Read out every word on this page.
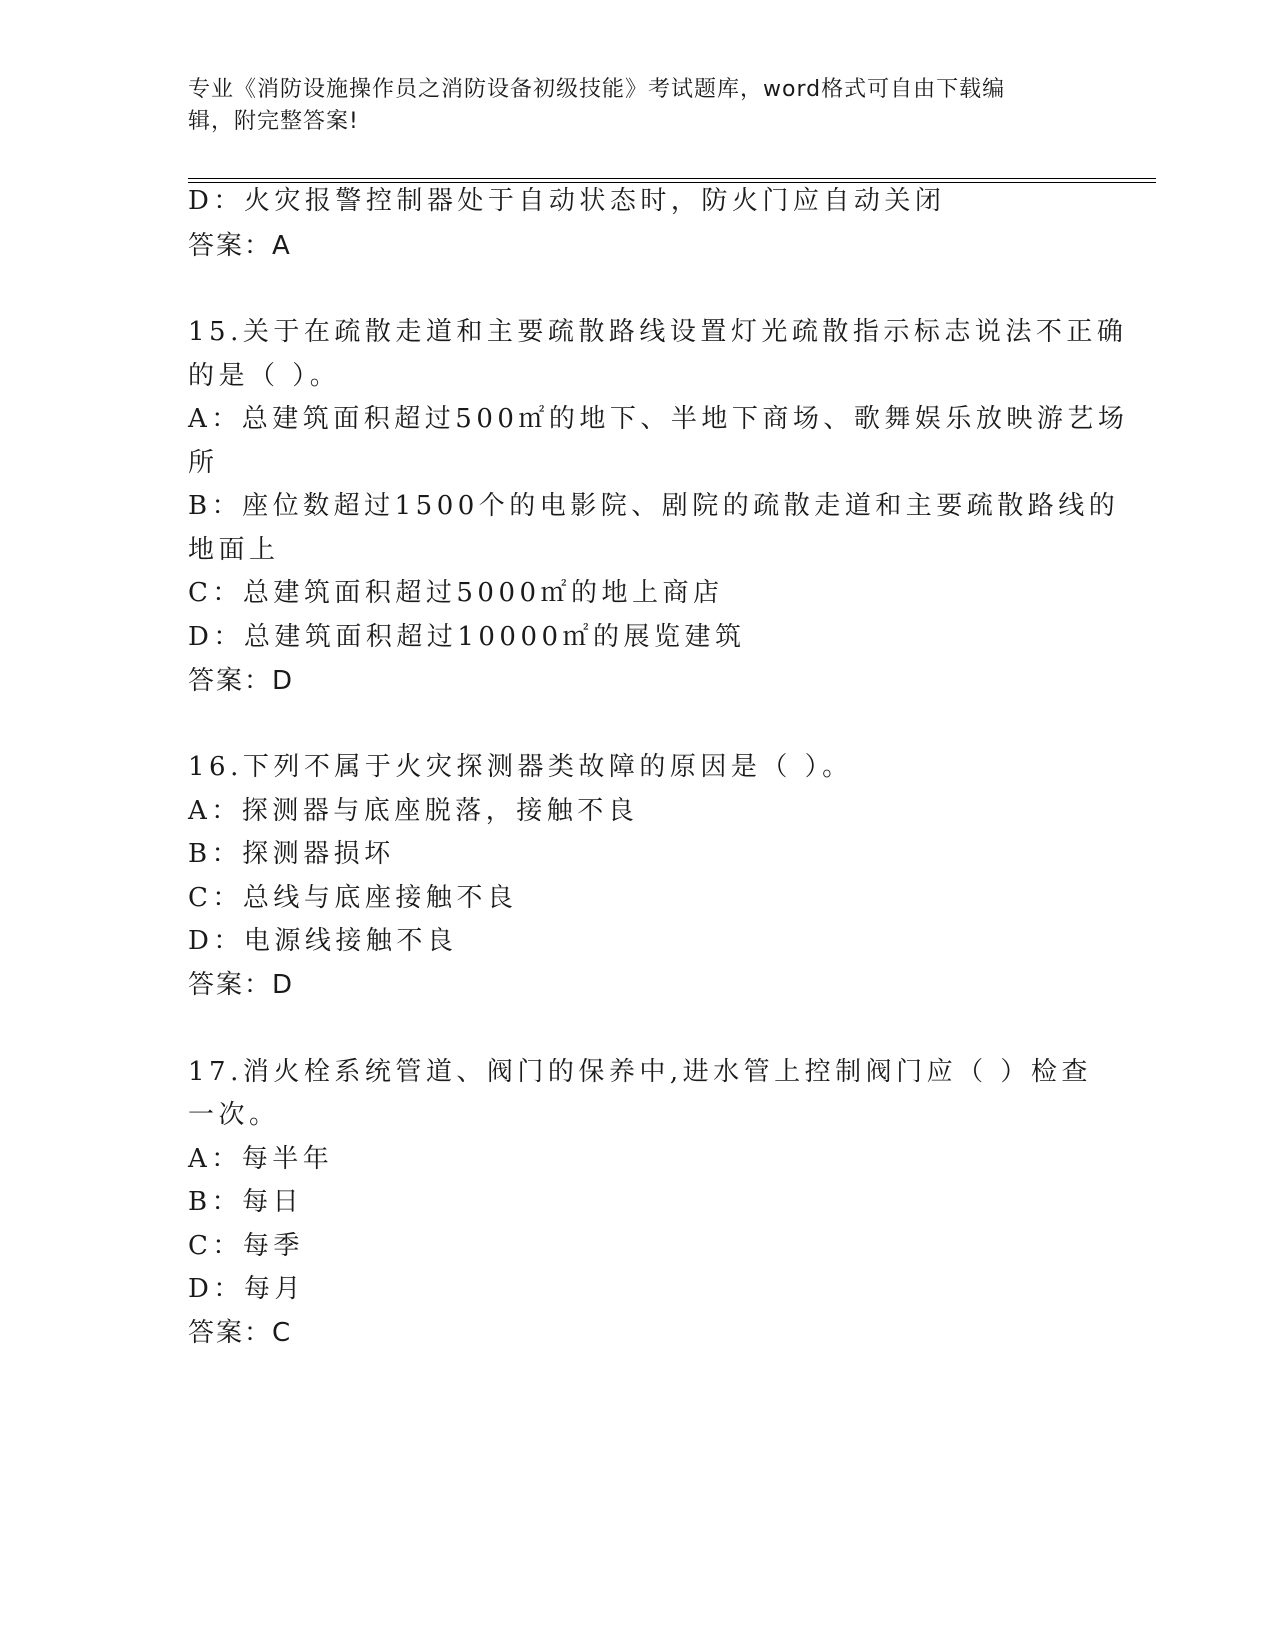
专业《消防设施操作员之消防设备初级技能》考试题库，word格式可自由下载编
辑，附完整答案!
D：火灾报警控制器处于自动状态时，防火门应自动关闭
答案：A
15.关于在疏散走道和主要疏散路线设置灯光疏散指示标志说法不正确
的是（ ）。
A：总建筑面积超过500㎡的地下、半地下商场、歌舞娱乐放映游艺场
所
B：座位数超过1500个的电影院、剧院的疏散走道和主要疏散路线的
地面上
C：总建筑面积超过5000㎡的地上商店
D：总建筑面积超过10000㎡的展览建筑
答案：D
16.下列不属于火灾探测器类故障的原因是（ ）。
A：探测器与底座脱落，接触不良
B：探测器损坏
C：总线与底座接触不良
D：电源线接触不良
答案：D
17.消火栓系统管道、阀门的保养中,进水管上控制阀门应（ ）检查
一次。
A：每半年
B：每日
C：每季
D：每月
答案：C
